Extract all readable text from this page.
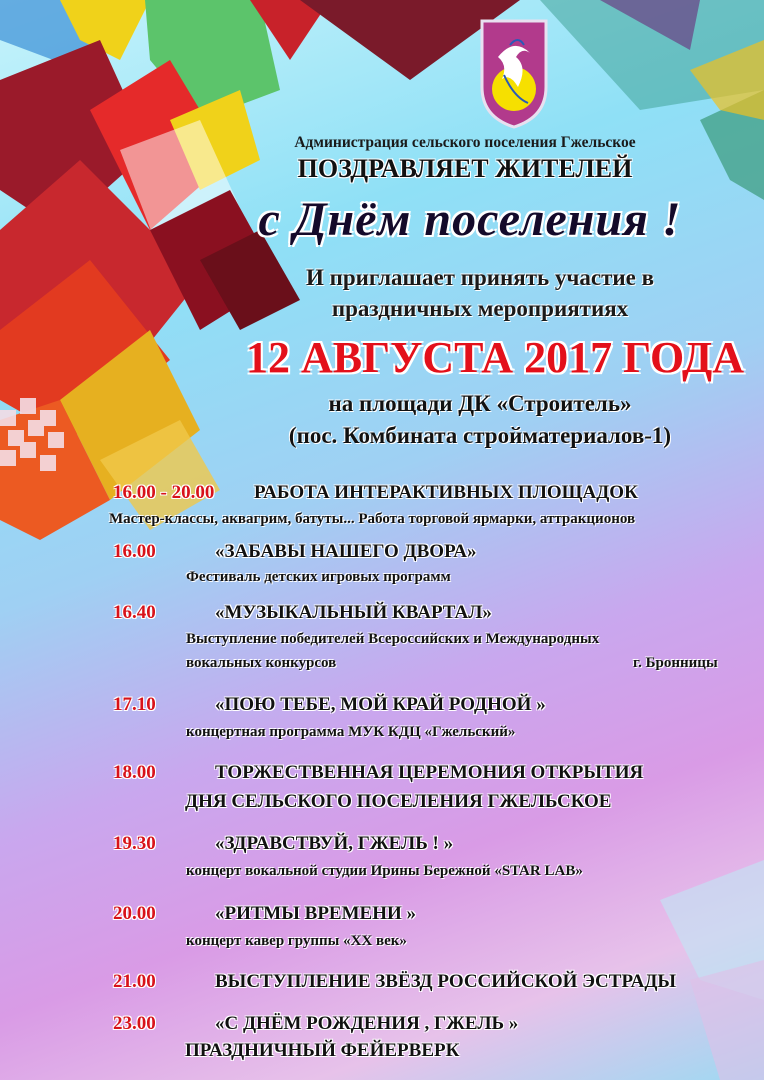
Администрация сельского поселения Гжельское
ПОЗДРАВЛЯЕТ ЖИТЕЛЕЙ
с Днём поселения !
И приглашает принять участие в
праздничных мероприятиях
12 АВГУСТА 2017 ГОДА
на площади ДК «Строитель»
(пос. Комбината стройматериалов-1)
16.00 - 20.00 РАБОТА ИНТЕРАКТИВНЫХ ПЛОЩАДОК
Мастер-классы, аквагрим, батуты... Работа торговой ярмарки, аттракционов
16.00	«ЗАБАВЫ НАШЕГО ДВОРА»
Фестиваль детских игровых программ
16.40	«МУЗЫКАЛЬНЫЙ КВАРТАЛ»
Выступление победителей Всероссийских и Международных
вокальных конкурсов	г. Бронницы
17.10	«ПОЮ ТЕБЕ, МОЙ КРАЙ РОДНОЙ »
концертная программа МУК КДЦ «Гжельский»
18.00	ТОРЖЕСТВЕННАЯ ЦЕРЕМОНИЯ ОТКРЫТИЯ
ДНЯ СЕЛЬСКОГО ПОСЕЛЕНИЯ ГЖЕЛЬСКОЕ
19.30	«ЗДРАВСТВУЙ, ГЖЕЛЬ ! »
концерт вокальной студии Ирины Бережной «STAR LAB»
20.00	«РИТМЫ ВРЕМЕНИ »
концерт кавер группы «XX век»
21.00	ВЫСТУПЛЕНИЕ ЗВЁЗД РОССИЙСКОЙ ЭСТРАДЫ
23.00	«С ДНЁМ РОЖДЕНИЯ , ГЖЕЛЬ »
ПРАЗДНИЧНЫЙ ФЕЙЕРВЕРК
